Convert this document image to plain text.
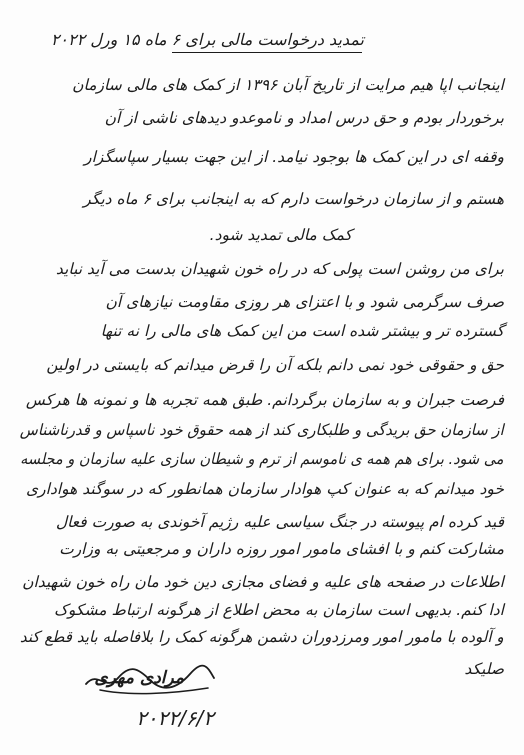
تمدید درخواست مالی برای ۶ ماه ۱۵ ورل ۲۰۲۲
اینجانب اپا هیم مرایت از تاریخ آبان ۱۳۹۶ از کمک های مالی سازمان
برخوردار بودم و حق درس امداد و ناموعدو دیدهای ناشی از آن
وقفه ای در این کمک ها بوجود نیامد. از این جهت بسیار سپاسگزار
هستم و از سازمان درخواست دارم که به اینجانب برای ۶ ماه دیگر
کمک مالی تمدید شود.
برای من روشن است پولی که در راه خون شهیدان بدست می آید نباید
صرف سرگرمی شود و با اعتزای هر روزی مقاومت نیازهای آن
گسترده تر و بیشتر شده است من این کمک های مالی را نه تنها
حق و حقوقی خود نمی دانم بلکه آن را قرض میدانم که بایستی در اولین
فرصت جبران و به سازمان برگردانم. طبق همه تجربه ها و نمونه ها هرکس
از سازمان حق بریدگی و طلبکاری کند از همه حقوق خود ناسپاس و قدرناشناس
می شود. برای هم همه ی ناموسم از ترم و شیطان سازی علیه سازمان و مجلسه
خود میدانم که به عنوان کپ هوادار سازمان همانطور که در سوگند هواداری
قید کرده ام پیوسته در جنگ سیاسی علیه رژیم آخوندی به صورت فعال
مشارکت کنم و با افشای مامور امور روزه داران و مرجعیتی به وزارت
اطلاعات در صفحه های علیه و فضای مجازی دین خود مان راه خون شهیدان
ادا کنم. بدیهی است سازمان به محض اطلاع از هرگونه ارتباط مشکوک
و آلوده با مامور امور ومرزدوران دشمن هرگونه کمک را بلافاصله باید قطع کند
صلیکد
مرادی مهری
۲۰۲۲/۶/۲
